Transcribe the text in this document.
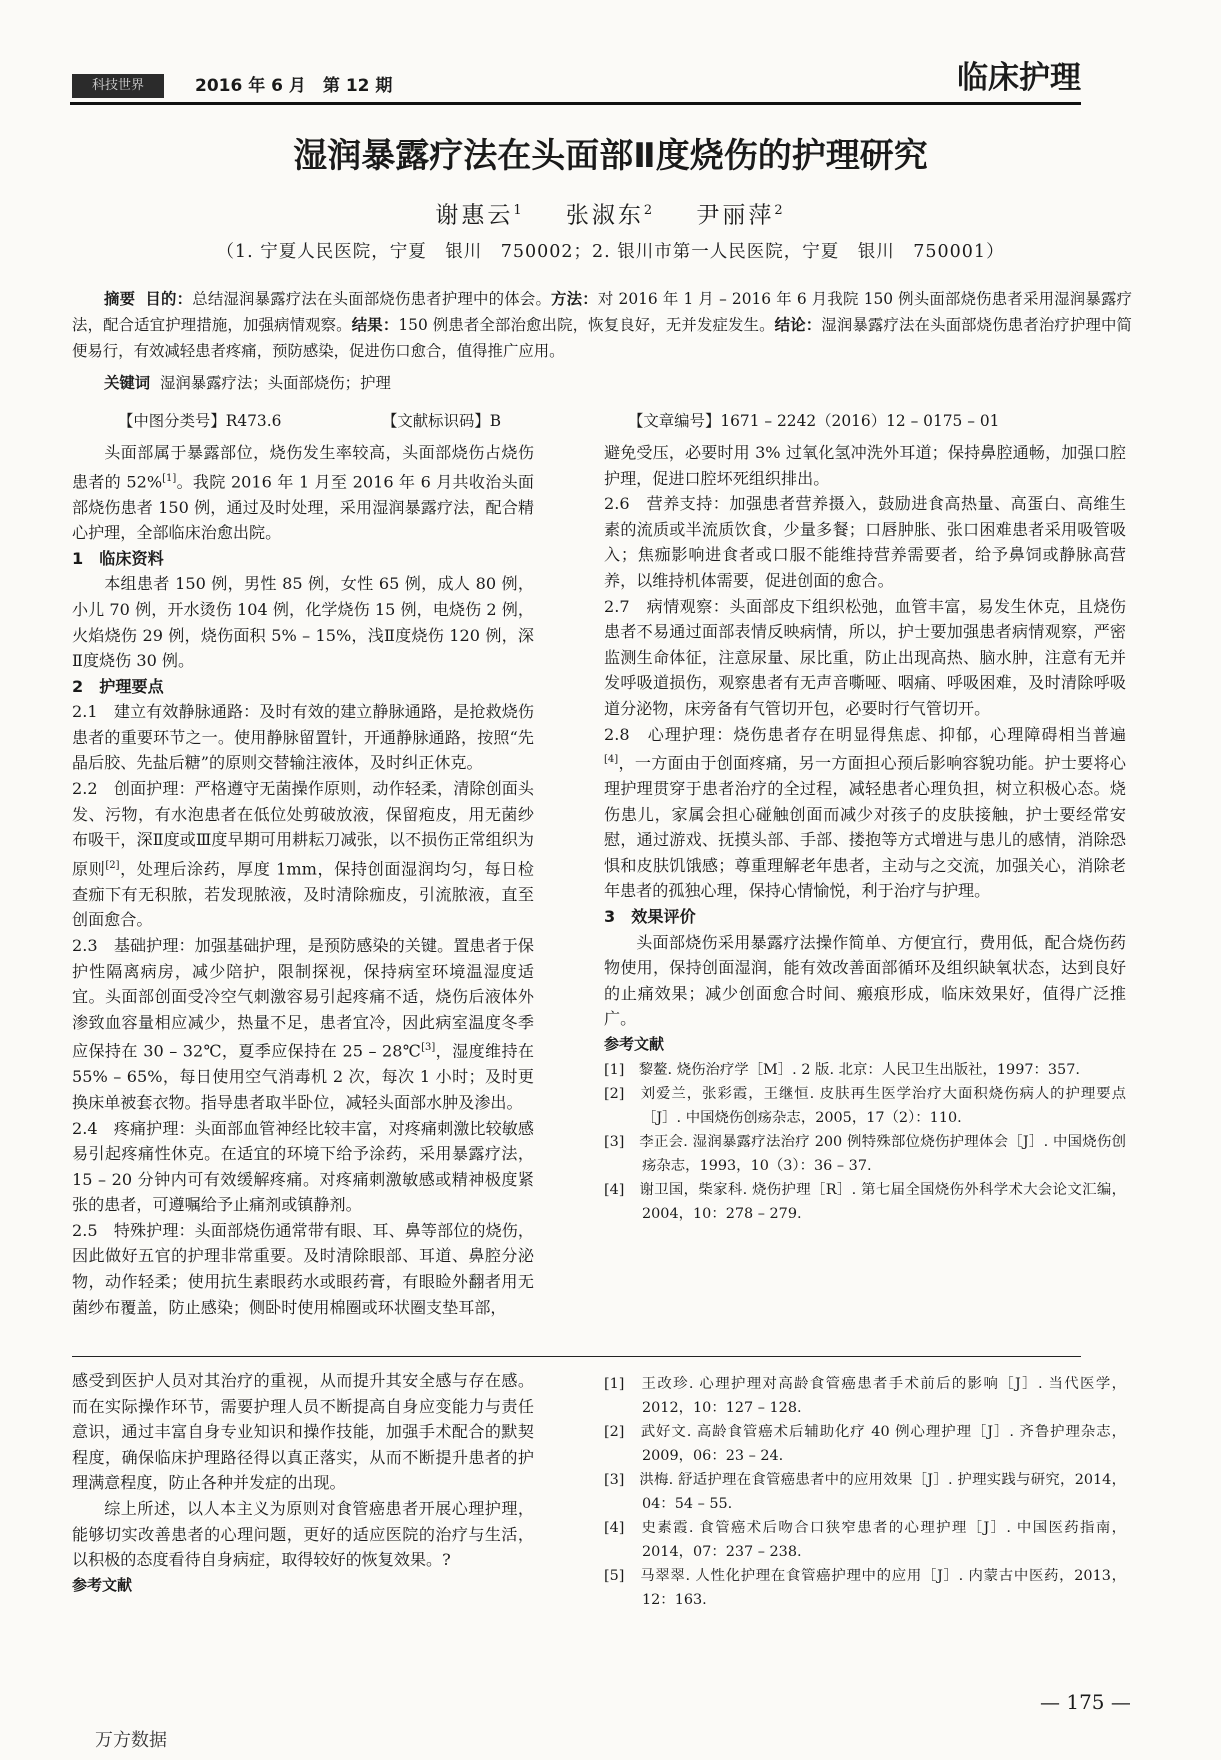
科技世界	2016 年 6 月　第 12 期	临床护理
湿润暴露疗法在头面部Ⅱ度烧伤的护理研究
谢惠云$^1$ 张淑东$^2$ 尹丽萍$^2$
（1. 宁夏人民医院，宁夏　银川　750002；2. 银川市第一人民医院，宁夏　银川　750001）
摘要 目的：总结湿润暴露疗法在头面部烧伤患者护理中的体会。方法：对 2016 年 1 月 – 2016 年 6 月我院 150 例头面部烧伤患者采用湿润暴露疗法，配合适宜护理措施，加强病情观察。结果：150 例患者全部治愈出院，恢复良好，无并发症发生。结论：湿润暴露疗法在头面部烧伤患者治疗护理中简便易行，有效减轻患者疼痛，预防感染，促进伤口愈合，值得推广应用。
关键词 湿润暴露疗法；头面部烧伤；护理
【中图分类号】R473.6	【文献标识码】B	【文章编号】1671 – 2242（2016）12 – 0175 – 01

头面部属于暴露部位，烧伤发生率较高，头面部烧伤占烧伤患者的 52%[1]。我院 2016 年 1 月至 2016 年 6 月共收治头面部烧伤患者 150 例，通过及时处理，采用湿润暴露疗法，配合精心护理，全部临床治愈出院。

1　临床资料

本组患者 150 例，男性 85 例，女性 65 例，成人 80 例，小儿 70 例，开水烫伤 104 例，化学烧伤 15 例，电烧伤 2 例，火焰烧伤 29 例，烧伤面积 5% – 15%，浅Ⅱ度烧伤 120 例，深Ⅱ度烧伤 30 例。

2　护理要点

2.1　建立有效静脉通路：及时有效的建立静脉通路，是抢救烧伤患者的重要环节之一。使用静脉留置针，开通静脉通路，按照“先晶后胶、先盐后糖”的原则交替输注液体，及时纠正休克。

2.2　创面护理：严格遵守无菌操作原则，动作轻柔，清除创面头发、污物，有水泡患者在低位处剪破放液，保留疱皮，用无菌纱布吸干，深Ⅱ度或Ⅲ度早期可用耕耘刀减张，以不损伤正常组织为原则[2]，处理后涂药，厚度 1mm，保持创面湿润均匀，每日检查痂下有无积脓，若发现脓液，及时清除痂皮，引流脓液，直至创面愈合。

2.3　基础护理：加强基础护理，是预防感染的关键。置患者于保护性隔离病房，减少陪护，限制探视，保持病室环境温湿度适宜。头面部创面受冷空气刺激容易引起疼痛不适，烧伤后液体外渗致血容量相应减少，热量不足，患者宜冷，因此病室温度冬季应保持在 30 – 32℃，夏季应保持在 25 – 28℃[3]，湿度维持在 55% – 65%，每日使用空气消毒机 2 次，每次 1 小时；及时更换床单被套衣物。指导患者取半卧位，减轻头面部水肿及渗出。

2.4　疼痛护理：头面部血管神经比较丰富，对疼痛刺激比较敏感易引起疼痛性休克。在适宜的环境下给予涂药，采用暴露疗法，15 – 20 分钟内可有效缓解疼痛。对疼痛刺激敏感或精神极度紧张的患者，可遵嘱给予止痛剂或镇静剂。

2.5　特殊护理：头面部烧伤通常带有眼、耳、鼻等部位的烧伤，因此做好五官的护理非常重要。及时清除眼部、耳道、鼻腔分泌物，动作轻柔；使用抗生素眼药水或眼药膏，有眼睑外翻者用无菌纱布覆盖，防止感染；侧卧时使用棉圈或环状圈支垫耳部，

避免受压，必要时用 3% 过氧化氢冲洗外耳道；保持鼻腔通畅，加强口腔护理，促进口腔坏死组织排出。

2.6　营养支持：加强患者营养摄入，鼓励进食高热量、高蛋白、高维生素的流质或半流质饮食，少量多餐；口唇肿胀、张口困难患者采用吸管吸入；焦痂影响进食者或口服不能维持营养需要者，给予鼻饲或静脉高营养，以维持机体需要，促进创面的愈合。

2.7　病情观察：头面部皮下组织松弛，血管丰富，易发生休克，且烧伤患者不易通过面部表情反映病情，所以，护士要加强患者病情观察，严密监测生命体征，注意尿量、尿比重，防止出现高热、脑水肿，注意有无并发呼吸道损伤，观察患者有无声音嘶哑、咽痛、呼吸困难，及时清除呼吸道分泌物，床旁备有气管切开包，必要时行气管切开。

2.8　心理护理：烧伤患者存在明显得焦虑、抑郁，心理障碍相当普遍[4]，一方面由于创面疼痛，另一方面担心预后影响容貌功能。护士要将心理护理贯穿于患者治疗的全过程，减轻患者心理负担，树立积极心态。烧伤患儿，家属会担心碰触创面而减少对孩子的皮肤接触，护士要经常安慰，通过游戏、抚摸头部、手部、搂抱等方式增进与患儿的感情，消除恐惧和皮肤饥饿感；尊重理解老年患者，主动与之交流，加强关心，消除老年患者的孤独心理，保持心情愉悦，利于治疗与护理。

3　效果评价

头面部烧伤采用暴露疗法操作简单、方便宜行，费用低，配合烧伤药物使用，保持创面湿润，能有效改善面部循环及组织缺氧状态，达到良好的止痛效果；减少创面愈合时间、瘢痕形成，临床效果好，值得广泛推广。

参考文献

[1]　黎鳌. 烧伤治疗学［M］. 2 版. 北京：人民卫生出版社，1997：357.

[2]　刘爱兰，张彩霞，王继恒. 皮肤再生医学治疗大面积烧伤病人的护理要点［J］. 中国烧伤创疡杂志，2005，17（2）：110.

[3]　李正会. 湿润暴露疗法治疗 200 例特殊部位烧伤护理体会［J］. 中国烧伤创疡杂志，1993，10（3）：36 – 37.

[4]　谢卫国，柴家科. 烧伤护理［R］. 第七届全国烧伤外科学术大会论文汇编，2004，10：278 – 279.

感受到医护人员对其治疗的重视，从而提升其安全感与存在感。而在实际操作环节，需要护理人员不断提高自身应变能力与责任意识，通过丰富自身专业知识和操作技能，加强手术配合的默契程度，确保临床护理路径得以真正落实，从而不断提升患者的护理满意程度，防止各种并发症的出现。

综上所述，以人本主义为原则对食管癌患者开展心理护理，能够切实改善患者的心理问题，更好的适应医院的治疗与生活，以积极的态度看待自身病症，取得较好的恢复效果。?

参考文献

[1]　王改珍. 心理护理对高龄食管癌患者手术前后的影响［J］. 当代医学，2012，10：127 – 128.

[2]　武好文. 高龄食管癌术后辅助化疗 40 例心理护理［J］. 齐鲁护理杂志，2009，06：23 – 24.

[3]　洪梅. 舒适护理在食管癌患者中的应用效果［J］. 护理实践与研究，2014，04：54 – 55.

[4]　史素霞. 食管癌术后吻合口狭窄患者的心理护理［J］. 中国医药指南，2014，07：237 – 238.

[5]　马翠翠. 人性化护理在食管癌护理中的应用［J］. 内蒙古中医药，2013，12：163.

— 175 —
万方数据
